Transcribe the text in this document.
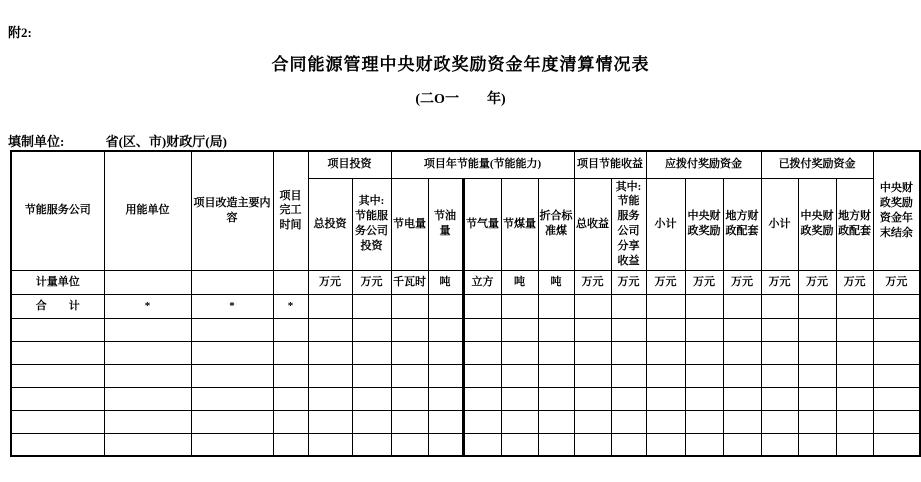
附2:
合同能源管理中央财政奖励资金年度清算情况表
(二O一　　年)
填制单位:	省(区、市)财政厅(局)
节能服务公司	用能单位	项目改造主要内容	项目完工时间	项目投资		项目年节能量(节能能力)					项目节能收益		应拨付奖励资金			已拨付奖励资金			中央财政奖励资金年末结余
				总投资	其中:节能服务公司投资	节电量	节油量	节气量	节煤量	折合标准煤	总收益	其中:节能服务公司分享收益	小计	中央财政奖励	地方财政配套	小计	中央财政奖励	地方财政配套	
计量单位				万元	万元	千瓦时	吨	立方	吨	吨	万元	万元	万元	万元	万元	万元	万元	万元	万元
合　　计	*	*	*																
